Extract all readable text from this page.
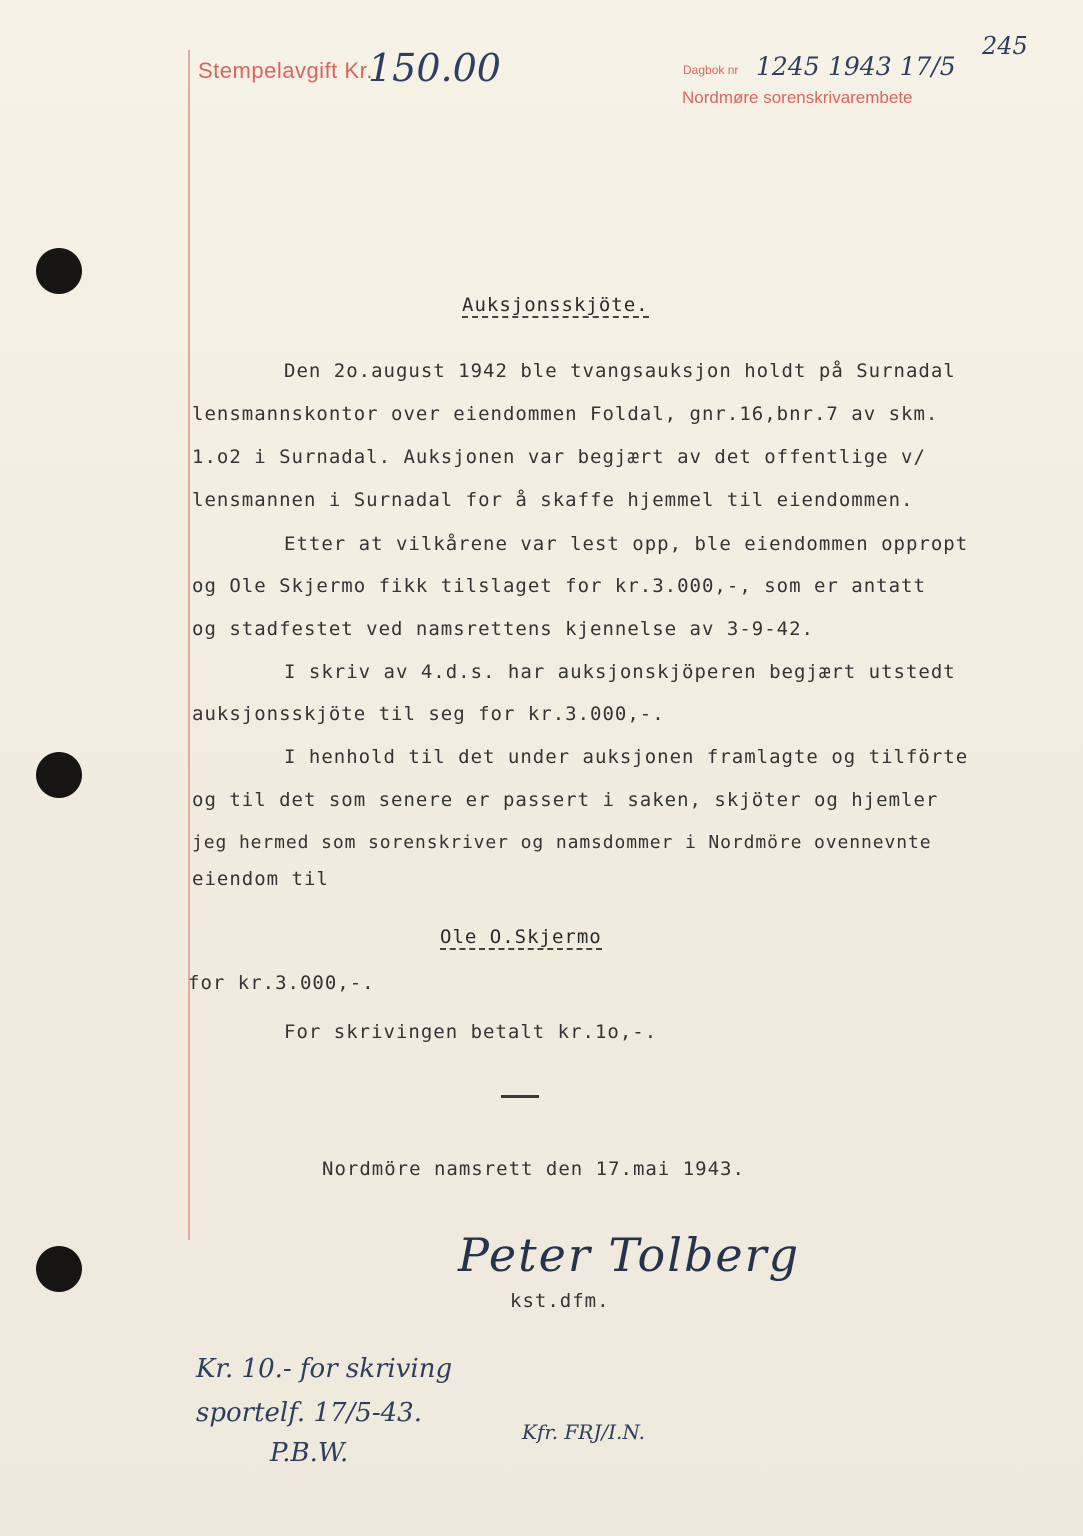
Stempelavgift Kr.
150.00	Dagbok nr 1245 1943 17/5
Nordmøre sorenskrivarembete
245
Auksjonsskjöte.
Den 2o.august 1942 ble tvangsauksjon holdt på Surnadal
lensmannskontor over eiendommen Foldal, gnr.16,bnr.7 av skm.
1.o2 i Surnadal. Auksjonen var begjært av det offentlige v/
lensmannen i Surnadal for å skaffe hjemmel til eiendommen.
Etter at vilkårene var lest opp, ble eiendommen oppropt
og Ole Skjermo fikk tilslaget for kr.3.000,-, som er antatt
og stadfestet ved namsrettens kjennelse av 3-9-42.
I skriv av 4.d.s. har auksjonskjöperen begjært utstedt
auksjonsskjöte til seg for kr.3.000,-.
I henhold til det under auksjonen framlagte og tilförte
og til det som senere er passert i saken, skjöter og hjemler
jeg hermed som sorenskriver og namsdommer i Nordmöre ovennevnte
eiendom til
Ole O.Skjermo
for kr.3.000,-.
For skrivingen betalt kr.1o,-.
Nordmöre namsrett den 17.mai 1943.
Peter Tolberg
kst.dfm.
Kr. 10.- for skriving
sportelf. 17/5-43.
P.B.W.
Kfr. FRJ/I.N.
